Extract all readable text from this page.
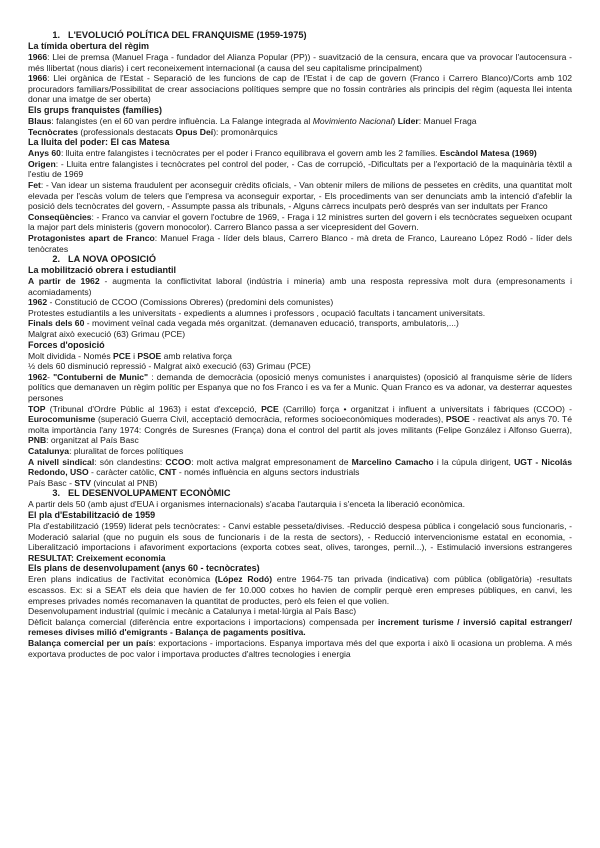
1. L'EVOLUCIÓ POLÍTICA DEL FRANQUISME (1959-1975)
La tímida obertura del règim

1966: Llei de premsa (Manuel Fraga - fundador del Alianza Popular (PP)) - suavització de la censura, encara que va provocar l'autocensura - més llibertat (nous diaris) i cert reconeixement internacional (a causa del seu capitalisme principalment)

1966: Llei orgànica de l'Estat - Separació de les funcions de cap de l'Estat i de cap de govern (Franco i Carrero Blanco)/Corts amb 102 procuradors familiars/Possibilitat de crear associacions polítiques sempre que no fossin contràries als principis del règim (aquesta llei intenta donar una imatge de ser oberta)

Els grups franquistes (famílies)

Blaus: falangistes (en el 60 van perdre influència. La Falange integrada al Movimiento Nacional) Líder: Manuel Fraga

Tecnòcrates (professionals destacats Opus Deí): promonàrquics

La lluita del poder: El cas Matesa

Anys 60: lluita entre falangistes i tecnòcrates per el poder i Franco equilibrava el govern amb les 2 famílies. Escàndol Matesa (1969)

Origen: - Lluita entre falangistes i tecnòcrates pel control del poder, - Cas de corrupció, -Dificultats per a l'exportació de la maquinària tèxtil a l'estiu de 1969

Fet: - Van idear un sistema fraudulent per aconseguir crèdits oficials, - Van obtenir milers de milions de pessetes en crèdits, una quantitat molt elevada per l'escàs volum de telers que l'empresa va aconseguir exportar, - Els procediments van ser denunciats amb la intenció d'afeblir la posició dels tecnòcrates del govern, - Assumpte passa als tribunals, - Alguns càrrecs inculpats però després van ser indultats per Franco

Conseqüències: - Franco va canviar el govern l'octubre de 1969, - Fraga i 12 ministres surten del govern i els tecnòcrates segueixen ocupant la major part dels ministeris (govern monocolor). Carrero Blanco passa a ser vicepresident del Govern.

Protagonistes apart de Franco: Manuel Fraga - líder dels blaus, Carrero Blanco - mà dreta de Franco, Laureano López Rodó - líder dels tenòcrates

2. LA NOVA OPOSICIÓ
La mobilització obrera i estudiantil

A partir de 1962 - augmenta la conflictivitat laboral (indústria i mineria) amb una resposta repressiva molt dura (empresonaments i acomiadaments)

1962 - Constitució de CCOO (Comissions Obreres) (predomini dels comunistes)

Protestes estudiantils a les universitats - expedients a alumnes i professors , ocupació facultats i tancament universitats.

Finals dels 60 - moviment veïnal cada vegada més organitzat. (demanaven educació, transports, ambulatoris,...)

Malgrat això execució (63) Grimau (PCE)

Forces d'oposició

Molt dividida - Només PCE i PSOE amb relativa força

½ dels 60 disminució repressió - Malgrat això execució (63) Grimau (PCE)

1962- "Contuberni de Munic" : demanda de democràcia (oposició menys comunistes i anarquistes) (oposició al franquisme sèrie de líders polítics que demanaven un règim polític per Espanya que no fos Franco i es va fer a Munic. Quan Franco es va adonar, va desterrar aquestes persones

TOP (Tribunal d'Ordre Públic al 1963) i estat d'excepció, PCE (Carrillo) força • organitzat i influent a universitats i fàbriques (CCOO) - Eurocomunisme (superació Guerra Civil, acceptació democràcia, reformes socioeconòmiques moderades), PSOE - reactivat als anys 70. Té molta importància l'any 1974: Congrés de Suresnes (França) dona el control del partit als joves militants (Felipe González i Alfonso Guerra), PNB: organitzat al País Basc

Catalunya: pluralitat de forces polítiques

A nivell sindical: són clandestins: CCOO: molt activa malgrat empresonament de Marcelino Camacho i la cúpula dirigent, UGT - Nicolás Redondo, USO - caràcter catòlic, CNT - només influència en alguns sectors industrials

País Basc - STV (vinculat al PNB)

3. EL DESENVOLUPAMENT ECONÒMIC

A partir dels 50 (amb ajust d'EUA i organismes internacionals) s'acaba l'autarquia i s'enceta la liberació econòmica.

El pla d'Estabilització de 1959

Pla d'estabilització (1959) liderat pels tecnòcrates: - Canvi estable pesseta/divises. -Reducció despesa pública i congelació sous funcionaris, - Moderació salarial (que no puguin els sous de funcionaris i de la resta de sectors), - Reducció intervencionisme estatal en economia, - Liberalització importacions i afavoriment exportacions (exporta cotxes seat, olives, taronges, pernil...), - Estimulació inversions estrangeres RESULTAT: Creixement economia

Els plans de desenvolupament (anys 60 - tecnòcrates)

Eren plans indicatius de l'activitat econòmica (López Rodó) entre 1964-75 tan privada (indicativa) com pública (obligatòria) -resultats escassos. Ex: si a SEAT els deia que havien de fer 10.000 cotxes ho havien de complir perquè eren empreses públiques, en canvi, les empreses privades només recomanaven la quantitat de productes, però els feien el que volien.

Desenvolupament industrial (químic i mecànic a Catalunya i metal·lúrgia al País Basc)

Dèficit balança comercial (diferència entre exportacions i importacions) compensada per increment turisme / inversió capital estranger/ remeses divises milió d'emigrants - Balança de pagaments positiva.

Balança comercial per un país: exportacions - importacions. Espanya importava més del que exporta i això li ocasiona un problema. A més exportava productes de poc valor i importava productes d'altres tecnologies i energia
